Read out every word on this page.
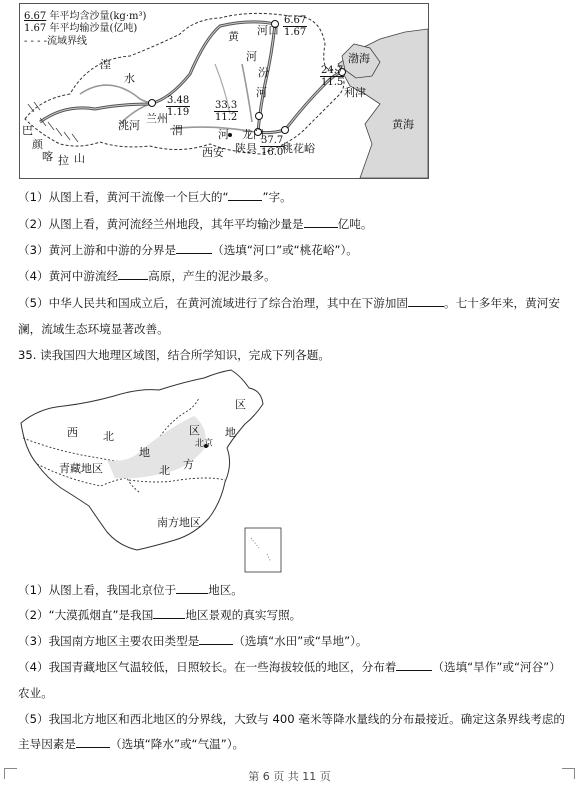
6.67 年平均含沙量(kg·m³)
1.67 年平均输沙量(亿吨)
- - - -流域界线
6.67
1.67
3.48
1.19
33.3
11.2
37.7
16.0
24.7
11.5
黄
河
汾
河
河口
龙门
湟
水
兰州
洮河	渭	河
西安 陕县 桃花峪
渤海
利津
黄海
巴
颜
喀 拉 山
（1）从图上看，黄河干流像一个巨大的“	”字。
（2）从图上看，黄河流经兰州地段，其年平均输沙量是	亿吨。
（3）黄河上游和中游的分界是	（选填“河口”或“桃花峪”）。
（4）黄河中游流经	高原，产生的泥沙最多。
（5）中华人民共和国成立后，在黄河流域进行了综合治理，其中在下游加固	。七十多年来，黄河安
澜，流域生态环境显著改善。
35. 读我国四大地理区域图，结合所学知识，完成下列各题。
西 北	区
地
区
地
北京
方
北
青藏地区
南方地区
（1）从图上看，我国北京位于	地区。
（2）“大漠孤烟直”是我国	地区景观的真实写照。
（3）我国南方地区主要农田类型是	（选填“水田”或“旱地”）。
（4）我国青藏地区气温较低，日照较长。在一些海拔较低的地区，分布着	（选填“旱作”或“河谷”）
农业。
（5）我国北方地区和西北地区的分界线，大致与 400 毫米等降水量线的分布最接近。确定这条界线考虑的
主导因素是	（选填“降水”或“气温”）。
第 6 页 共 11 页
